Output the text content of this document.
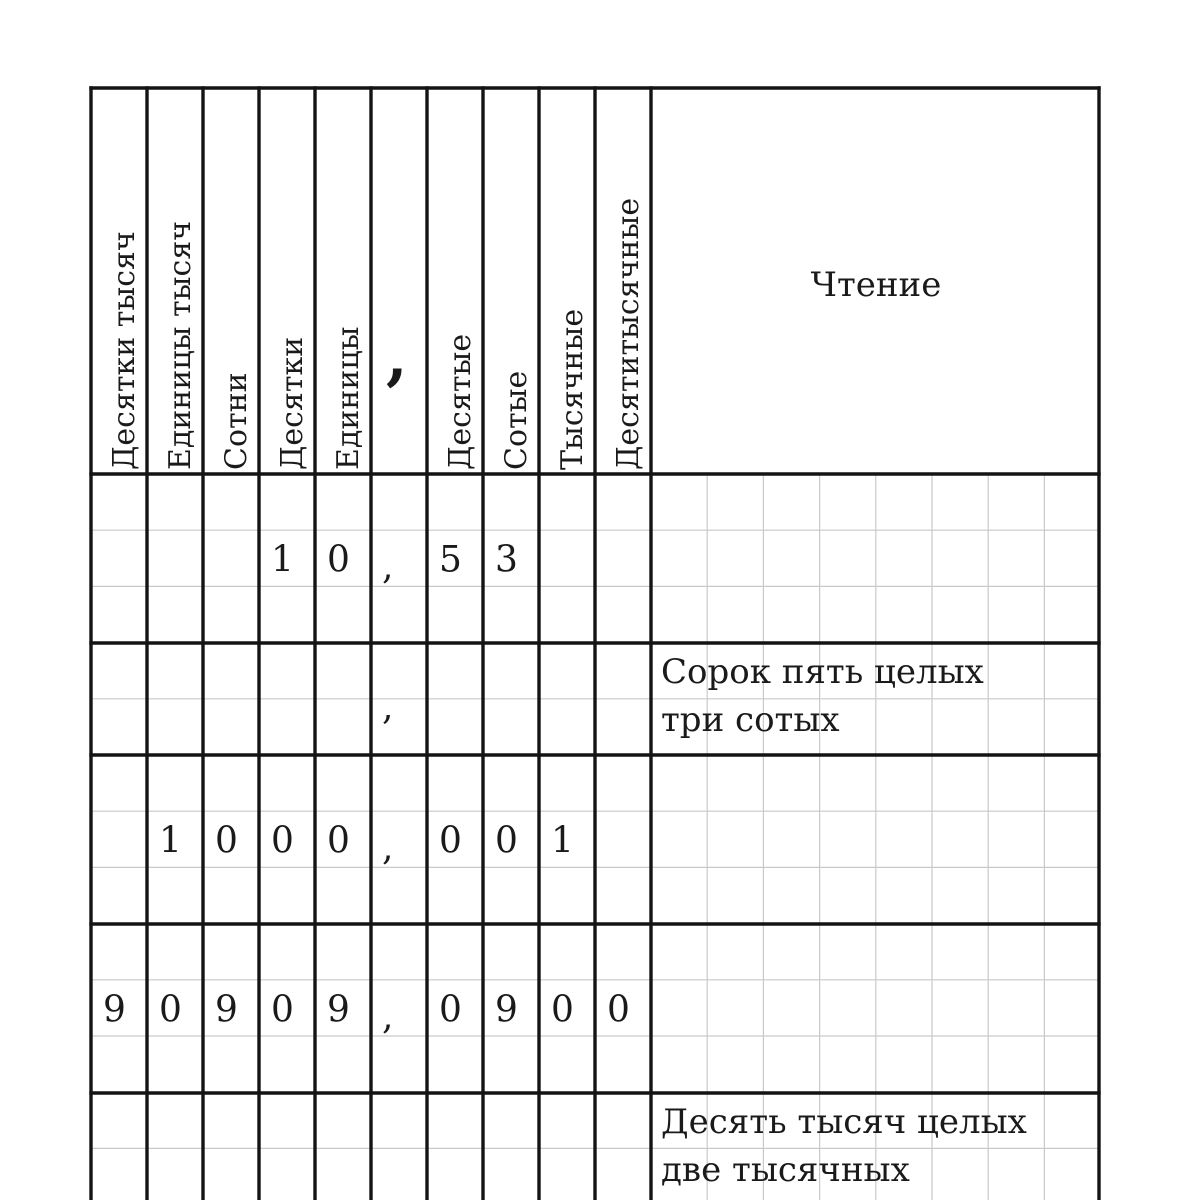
Десятки тысяч Единицы тысяч Сотни Десятки Единицы , Десятые Сотые Тысячные Десятитысячные	Чтение
1 0 , 5 3
,
Сорок пять целых
три сотых
1 0 0 0 , 0 0 1
9 0 9 0 9 , 0 9 0 0
Десять тысяч целых
две тысячных
